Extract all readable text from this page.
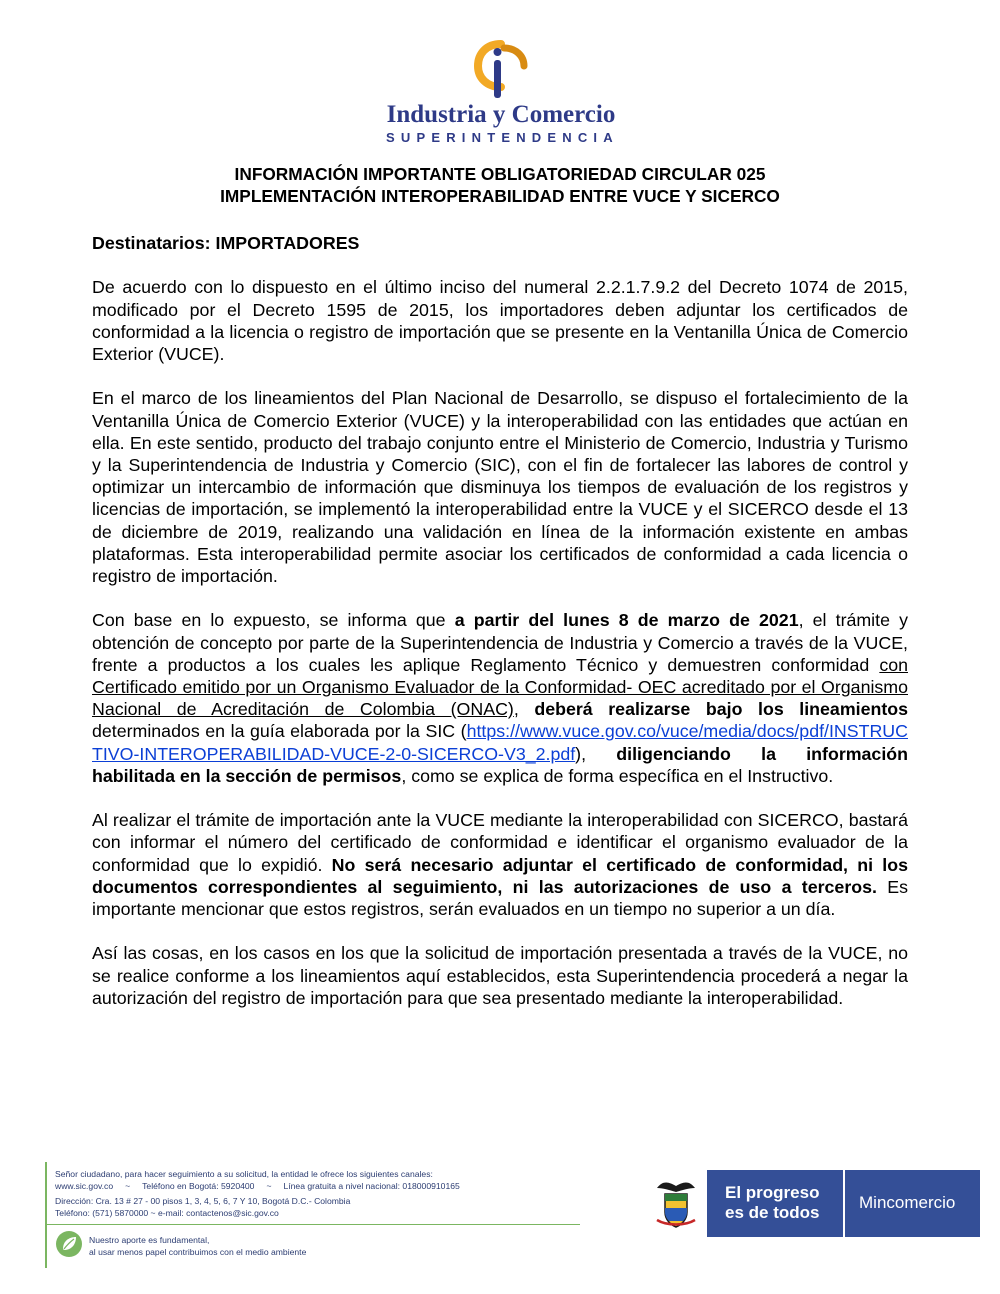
Industria y Comercio
SUPERINTENDENCIA
INFORMACIÓN IMPORTANTE OBLIGATORIEDAD CIRCULAR 025
IMPLEMENTACIÓN INTEROPERABILIDAD ENTRE VUCE Y SICERCO

Destinatarios: IMPORTADORES

De acuerdo con lo dispuesto en el último inciso del numeral 2.2.1.7.9.2 del Decreto 1074 de 2015, modificado por el Decreto 1595 de 2015, los importadores deben adjuntar los certificados de conformidad a la licencia o registro de importación que se presente en la Ventanilla Única de Comercio Exterior (VUCE).

En el marco de los lineamientos del Plan Nacional de Desarrollo, se dispuso el fortalecimiento de la Ventanilla Única de Comercio Exterior (VUCE) y la interoperabilidad con las entidades que actúan en ella. En este sentido, producto del trabajo conjunto entre el Ministerio de Comercio, Industria y Turismo y la Superintendencia de Industria y Comercio (SIC), con el fin de fortalecer las labores de control y optimizar un intercambio de información que disminuya los tiempos de evaluación de los registros y licencias de importación, se implementó la interoperabilidad entre la VUCE y el SICERCO desde el 13 de diciembre de 2019, realizando una validación en línea de la información existente en ambas plataformas. Esta interoperabilidad permite asociar los certificados de conformidad a cada licencia o registro de importación.

Con base en lo expuesto, se informa que a partir del lunes 8 de marzo de 2021, el trámite y obtención de concepto por parte de la Superintendencia de Industria y Comercio a través de la VUCE, frente a productos a los cuales les aplique Reglamento Técnico y demuestren conformidad con Certificado emitido por un Organismo Evaluador de la Conformidad- OEC acreditado por el Organismo Nacional de Acreditación de Colombia (ONAC), deberá realizarse bajo los lineamientos determinados en la guía elaborada por la SIC (https://www.vuce.gov.co/vuce/media/docs/pdf/INSTRUCTIVO-INTEROPERABILIDAD-VUCE-2-0-SICERCO-V3_2.pdf), diligenciando la información habilitada en la sección de permisos, como se explica de forma específica en el Instructivo.

Al realizar el trámite de importación ante la VUCE mediante la interoperabilidad con SICERCO, bastará con informar el número del certificado de conformidad e identificar el organismo evaluador de la conformidad que lo expidió. No será necesario adjuntar el certificado de conformidad, ni los documentos correspondientes al seguimiento, ni las autorizaciones de uso a terceros. Es importante mencionar que estos registros, serán evaluados en un tiempo no superior a un día.

Así las cosas, en los casos en los que la solicitud de importación presentada a través de la VUCE, no se realice conforme a los lineamientos aquí establecidos, esta Superintendencia procederá a negar la autorización del registro de importación para que sea presentado mediante la interoperabilidad.

Señor ciudadano, para hacer seguimiento a su solicitud, la entidad le ofrece los siguientes canales:
www.sic.gov.co ~ Teléfono en Bogotá: 5920400 ~ Línea gratuita a nivel nacional: 018000910165
Dirección: Cra. 13 # 27 - 00 pisos 1, 3, 4, 5, 6, 7 Y 10, Bogotá D.C.- Colombia
Teléfono: (571) 5870000 ~ e-mail: contactenos@sic.gov.co
Nuestro aporte es fundamental,
al usar menos papel contribuimos con el medio ambiente
El progreso
es de todos
Mincomercio
